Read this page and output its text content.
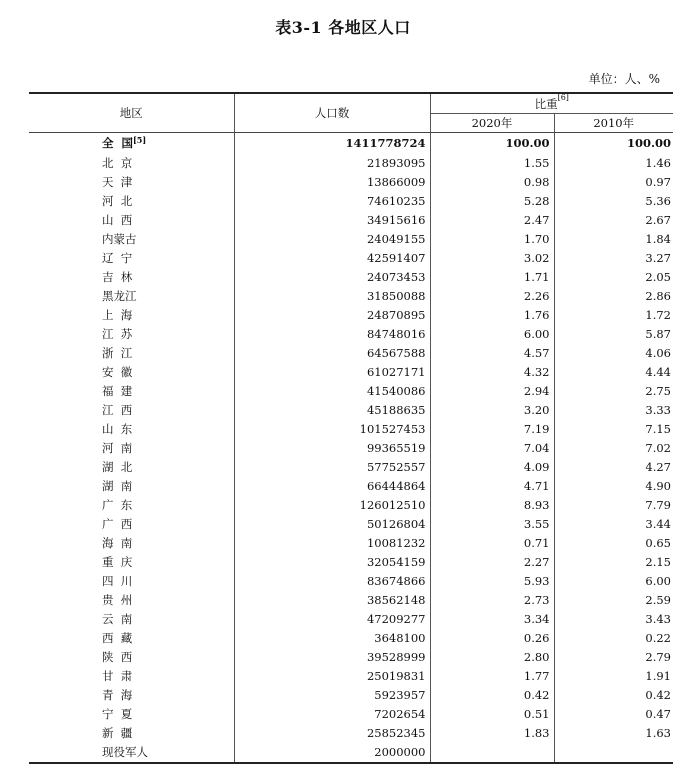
表3-1 各地区人口
单位：人、%
地区	人口数	比重[6]
		2020年	2010年
全  国[5]	1411778724	100.00	100.00
北  京	21893095	1.55	1.46
天  津	13866009	0.98	0.97
河  北	74610235	5.28	5.36
山  西	34915616	2.47	2.67
内蒙古	24049155	1.70	1.84
辽  宁	42591407	3.02	3.27
吉  林	24073453	1.71	2.05
黑龙江	31850088	2.26	2.86
上  海	24870895	1.76	1.72
江  苏	84748016	6.00	5.87
浙  江	64567588	4.57	4.06
安  徽	61027171	4.32	4.44
福  建	41540086	2.94	2.75
江  西	45188635	3.20	3.33
山  东	101527453	7.19	7.15
河  南	99365519	7.04	7.02
湖  北	57752557	4.09	4.27
湖  南	66444864	4.71	4.90
广  东	126012510	8.93	7.79
广  西	50126804	3.55	3.44
海  南	10081232	0.71	0.65
重  庆	32054159	2.27	2.15
四  川	83674866	5.93	6.00
贵  州	38562148	2.73	2.59
云  南	47209277	3.34	3.43
西  藏	3648100	0.26	0.22
陕  西	39528999	2.80	2.79
甘  肃	25019831	1.77	1.91
青  海	5923957	0.42	0.42
宁  夏	7202654	0.51	0.47
新  疆	25852345	1.83	1.63
现役军人	2000000		
